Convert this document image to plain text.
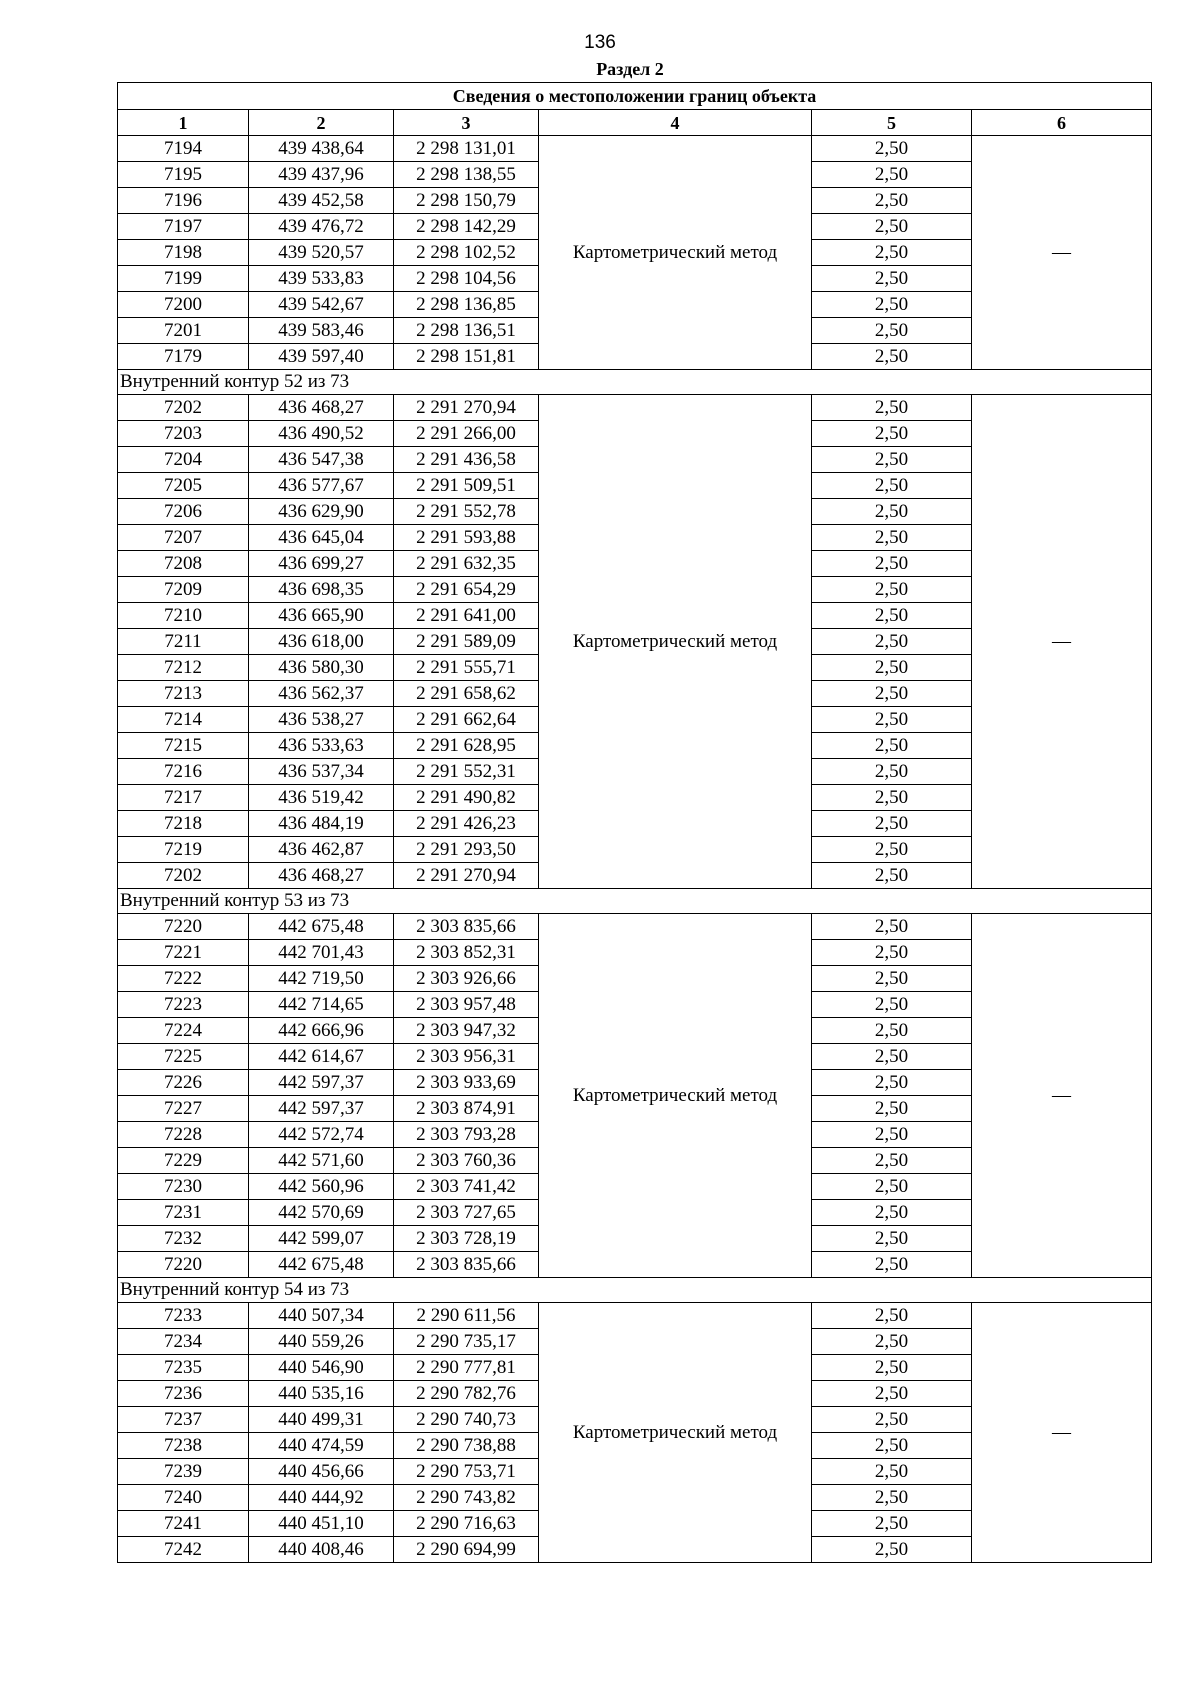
136
Раздел 2
Сведения о местоположении границ объекта					
1	2	3	4	5	6
7194	439 438,64	2 298 131,01	Картометрический метод	2,50	—
7195	439 437,96	2 298 138,55		2,50	
7196	439 452,58	2 298 150,79		2,50	
7197	439 476,72	2 298 142,29		2,50	
7198	439 520,57	2 298 102,52		2,50	
7199	439 533,83	2 298 104,56		2,50	
7200	439 542,67	2 298 136,85		2,50	
7201	439 583,46	2 298 136,51		2,50	
7179	439 597,40	2 298 151,81		2,50	
Внутренний контур 52 из 73					
7202	436 468,27	2 291 270,94	Картометрический метод	2,50	—
7203	436 490,52	2 291 266,00		2,50	
7204	436 547,38	2 291 436,58		2,50	
7205	436 577,67	2 291 509,51		2,50	
7206	436 629,90	2 291 552,78		2,50	
7207	436 645,04	2 291 593,88		2,50	
7208	436 699,27	2 291 632,35		2,50	
7209	436 698,35	2 291 654,29		2,50	
7210	436 665,90	2 291 641,00		2,50	
7211	436 618,00	2 291 589,09		2,50	
7212	436 580,30	2 291 555,71		2,50	
7213	436 562,37	2 291 658,62		2,50	
7214	436 538,27	2 291 662,64		2,50	
7215	436 533,63	2 291 628,95		2,50	
7216	436 537,34	2 291 552,31		2,50	
7217	436 519,42	2 291 490,82		2,50	
7218	436 484,19	2 291 426,23		2,50	
7219	436 462,87	2 291 293,50		2,50	
7202	436 468,27	2 291 270,94		2,50	
Внутренний контур 53 из 73					
7220	442 675,48	2 303 835,66	Картометрический метод	2,50	—
7221	442 701,43	2 303 852,31		2,50	
7222	442 719,50	2 303 926,66		2,50	
7223	442 714,65	2 303 957,48		2,50	
7224	442 666,96	2 303 947,32		2,50	
7225	442 614,67	2 303 956,31		2,50	
7226	442 597,37	2 303 933,69		2,50	
7227	442 597,37	2 303 874,91		2,50	
7228	442 572,74	2 303 793,28		2,50	
7229	442 571,60	2 303 760,36		2,50	
7230	442 560,96	2 303 741,42		2,50	
7231	442 570,69	2 303 727,65		2,50	
7232	442 599,07	2 303 728,19		2,50	
7220	442 675,48	2 303 835,66		2,50	
Внутренний контур 54 из 73					
7233	440 507,34	2 290 611,56	Картометрический метод	2,50	—
7234	440 559,26	2 290 735,17		2,50	
7235	440 546,90	2 290 777,81		2,50	
7236	440 535,16	2 290 782,76		2,50	
7237	440 499,31	2 290 740,73		2,50	
7238	440 474,59	2 290 738,88		2,50	
7239	440 456,66	2 290 753,71		2,50	
7240	440 444,92	2 290 743,82		2,50	
7241	440 451,10	2 290 716,63		2,50	
7242	440 408,46	2 290 694,99		2,50	
